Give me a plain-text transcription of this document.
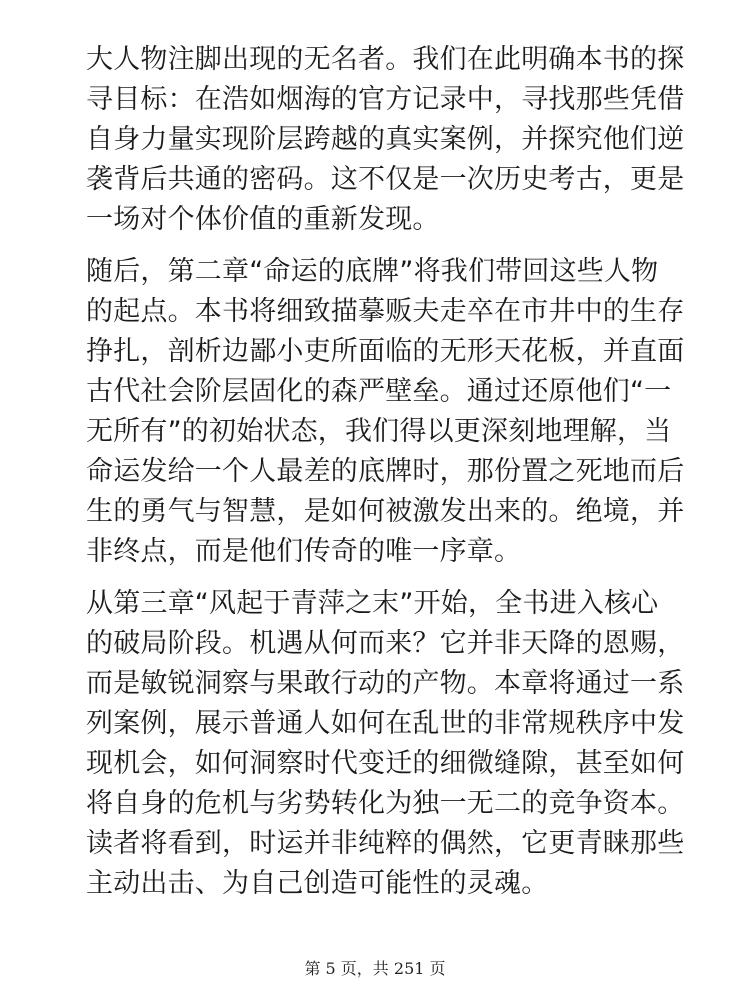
大人物注脚出现的无名者。我们在此明确本书的探
寻目标：在浩如烟海的官方记录中，寻找那些凭借
自身力量实现阶层跨越的真实案例，并探究他们逆
袭背后共通的密码。这不仅是一次历史考古，更是
一场对个体价值的重新发现。

随后，第二章“命运的底牌”将我们带回这些人物
的起点。本书将细致描摹贩夫走卒在市井中的生存
挣扎，剖析边鄙小吏所面临的无形天花板，并直面
古代社会阶层固化的森严壁垒。通过还原他们“一
无所有”的初始状态，我们得以更深刻地理解，当
命运发给一个人最差的底牌时，那份置之死地而后
生的勇气与智慧，是如何被激发出来的。绝境，并
非终点，而是他们传奇的唯一序章。

从第三章“风起于青萍之末”开始，全书进入核心
的破局阶段。机遇从何而来？它并非天降的恩赐，
而是敏锐洞察与果敢行动的产物。本章将通过一系
列案例，展示普通人如何在乱世的非常规秩序中发
现机会，如何洞察时代变迁的细微缝隙，甚至如何
将自身的危机与劣势转化为独一无二的竞争资本。
读者将看到，时运并非纯粹的偶然，它更青睐那些
主动出击、为自己创造可能性的灵魂。

第 5 页，共 251 页
